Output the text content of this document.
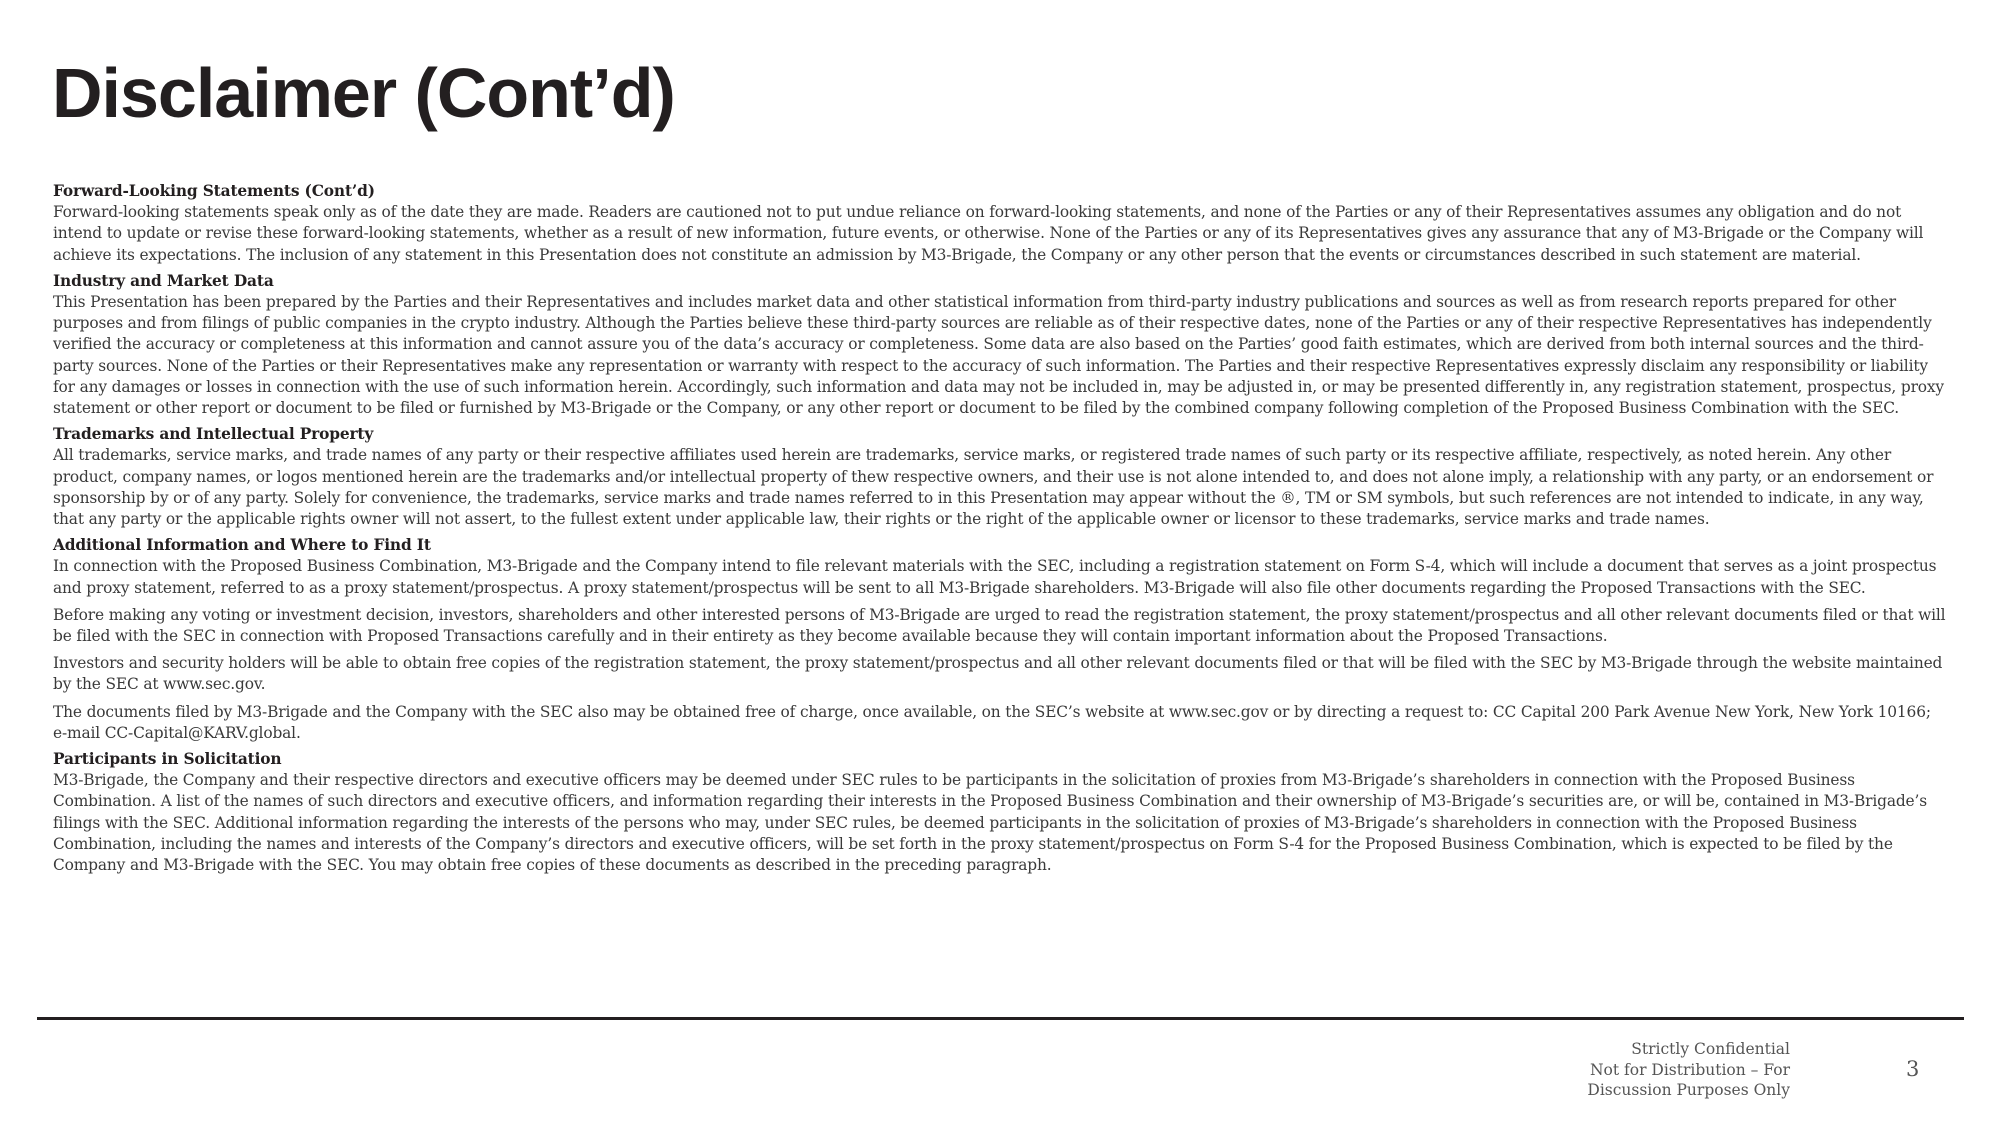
Disclaimer (Cont’d)
Forward-Looking Statements (Cont’d)

Forward-looking statements speak only as of the date they are made. Readers are cautioned not to put undue reliance on forward-looking statements, and none of the Parties or any of their Representatives assumes any obligation and do not intend to update or revise these forward-looking statements, whether as a result of new information, future events, or otherwise. None of the Parties or any of its Representatives gives any assurance that any of M3-Brigade or the Company will achieve its expectations. The inclusion of any statement in this Presentation does not constitute an admission by M3-Brigade, the Company or any other person that the events or circumstances described in such statement are material.

Industry and Market Data

This Presentation has been prepared by the Parties and their Representatives and includes market data and other statistical information from third-party industry publications and sources as well as from research reports prepared for other purposes and from filings of public companies in the crypto industry. Although the Parties believe these third-party sources are reliable as of their respective dates, none of the Parties or any of their respective Representatives has independently verified the accuracy or completeness at this information and cannot assure you of the data’s accuracy or completeness. Some data are also based on the Parties’ good faith estimates, which are derived from both internal sources and the third-party sources. None of the Parties or their Representatives make any representation or warranty with respect to the accuracy of such information. The Parties and their respective Representatives expressly disclaim any responsibility or liability for any damages or losses in connection with the use of such information herein. Accordingly, such information and data may not be included in, may be adjusted in, or may be presented differently in, any registration statement, prospectus, proxy statement or other report or document to be filed or furnished by M3-Brigade or the Company, or any other report or document to be filed by the combined company following completion of the Proposed Business Combination with the SEC.

Trademarks and Intellectual Property

All trademarks, service marks, and trade names of any party or their respective affiliates used herein are trademarks, service marks, or registered trade names of such party or its respective affiliate, respectively, as noted herein. Any other product, company names, or logos mentioned herein are the trademarks and/or intellectual property of thew respective owners, and their use is not alone intended to, and does not alone imply, a relationship with any party, or an endorsement or sponsorship by or of any party. Solely for convenience, the trademarks, service marks and trade names referred to in this Presentation may appear without the ®, TM or SM symbols, but such references are not intended to indicate, in any way, that any party or the applicable rights owner will not assert, to the fullest extent under applicable law, their rights or the right of the applicable owner or licensor to these trademarks, service marks and trade names.

Additional Information and Where to Find It

In connection with the Proposed Business Combination, M3-Brigade and the Company intend to file relevant materials with the SEC, including a registration statement on Form S-4, which will include a document that serves as a joint prospectus and proxy statement, referred to as a proxy statement/prospectus. A proxy statement/prospectus will be sent to all M3-Brigade shareholders. M3-Brigade will also file other documents regarding the Proposed Transactions with the SEC.

Before making any voting or investment decision, investors, shareholders and other interested persons of M3-Brigade are urged to read the registration statement, the proxy statement/prospectus and all other relevant documents filed or that will be filed with the SEC in connection with Proposed Transactions carefully and in their entirety as they become available because they will contain important information about the Proposed Transactions.

Investors and security holders will be able to obtain free copies of the registration statement, the proxy statement/prospectus and all other relevant documents filed or that will be filed with the SEC by M3-Brigade through the website maintained by the SEC at www.sec.gov.

The documents filed by M3-Brigade and the Company with the SEC also may be obtained free of charge, once available, on the SEC’s website at www.sec.gov or by directing a request to: CC Capital 200 Park Avenue New York, New York 10166; e-mail CC-Capital@KARV.global.

Participants in Solicitation

M3-Brigade, the Company and their respective directors and executive officers may be deemed under SEC rules to be participants in the solicitation of proxies from M3-Brigade’s shareholders in connection with the Proposed Business Combination. A list of the names of such directors and executive officers, and information regarding their interests in the Proposed Business Combination and their ownership of M3-Brigade’s securities are, or will be, contained in M3-Brigade’s filings with the SEC. Additional information regarding the interests of the persons who may, under SEC rules, be deemed participants in the solicitation of proxies of M3-Brigade’s shareholders in connection with the Proposed Business Combination, including the names and interests of the Company’s directors and executive officers, will be set forth in the proxy statement/prospectus on Form S-4 for the Proposed Business Combination, which is expected to be filed by the Company and M3-Brigade with the SEC. You may obtain free copies of these documents as described in the preceding paragraph.

Strictly Confidential
Not for Distribution – For
Discussion Purposes Only
3
